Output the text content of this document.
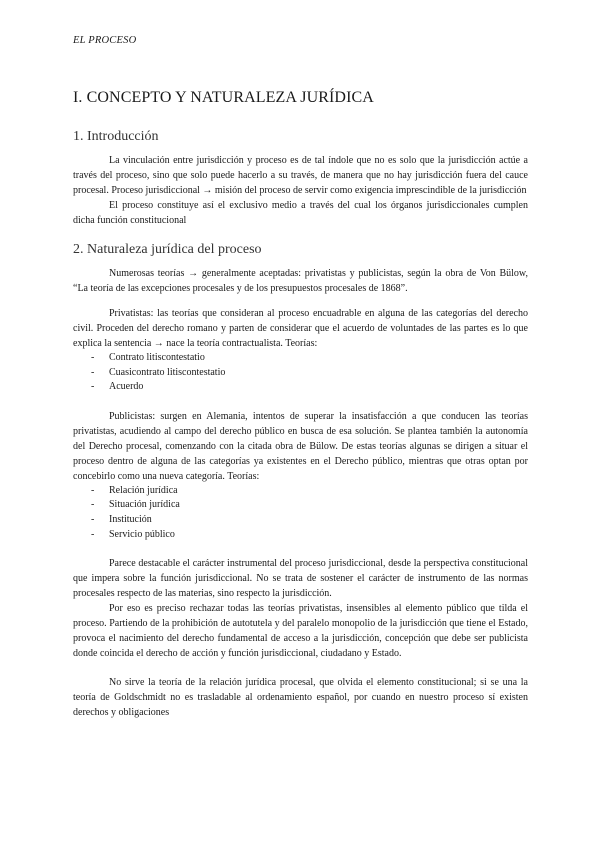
EL PROCESO
I. CONCEPTO Y NATURALEZA JURÍDICA
1. Introducción

La vinculación entre jurisdicción y proceso es de tal índole que no es solo que la jurisdicción actúe a través del proceso, sino que solo puede hacerlo a su través, de manera que no hay jurisdicción fuera del cauce procesal. Proceso jurisdiccional → misión del proceso de servir como exigencia imprescindible de la jurisdicción

El proceso constituye así el exclusivo medio a través del cual los órganos jurisdiccionales cumplen dicha función constitucional

2. Naturaleza jurídica del proceso

Numerosas teorías → generalmente aceptadas: privatistas y publicistas, según la obra de Von Bülow, “La teoría de las excepciones procesales y de los presupuestos procesales de 1868”.

Privatistas: las teorías que consideran al proceso encuadrable en alguna de las categorías del derecho civil. Proceden del derecho romano y parten de considerar que el acuerdo de voluntades de las partes es lo que explica la sentencia → nace la teoría contractualista. Teorías:

- Contrato litiscontestatio
- Cuasicontrato litiscontestatio
- Acuerdo

Publicistas: surgen en Alemania, intentos de superar la insatisfacción a que conducen las teorías privatistas, acudiendo al campo del derecho público en busca de esa solución. Se plantea también la autonomía del Derecho procesal, comenzando con la citada obra de Bülow. De estas teorías algunas se dirigen a situar el proceso dentro de alguna de las categorías ya existentes en el Derecho público, mientras que otras optan por concebirlo como una nueva categoría. Teorías:

- Relación jurídica
- Situación jurídica
- Institución
- Servicio público

Parece destacable el carácter instrumental del proceso jurisdiccional, desde la perspectiva constitucional que impera sobre la función jurisdiccional. No se trata de sostener el carácter de instrumento de las normas procesales respecto de las materias, sino respecto la jurisdicción.

Por eso es preciso rechazar todas las teorías privatistas, insensibles al elemento público que tilda el proceso. Partiendo de la prohibición de autotutela y del paralelo monopolio de la jurisdicción que tiene el Estado, provoca el nacimiento del derecho fundamental de acceso a la jurisdicción, concepción que debe ser publicista donde coincida el derecho de acción y función jurisdiccional, ciudadano y Estado.

No sirve la teoría de la relación jurídica procesal, que olvida el elemento constitucional; si se una la teoría de Goldschmidt no es trasladable al ordenamiento español, por cuando en nuestro proceso sí existen derechos y obligaciones
